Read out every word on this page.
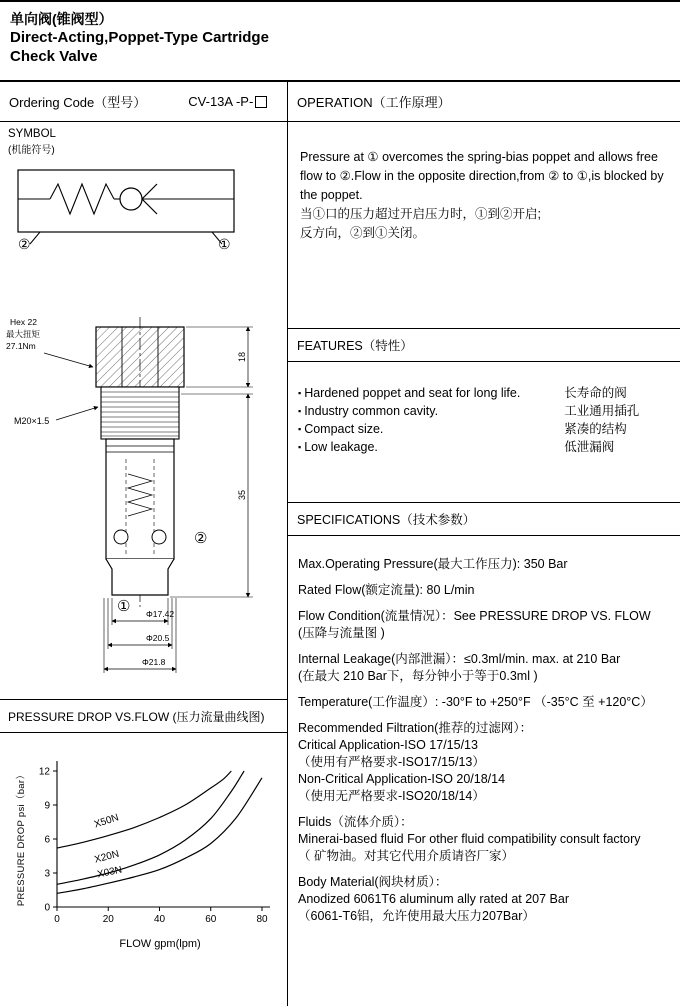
单向阀(锥阀型）
Direct-Acting,Poppet-Type Cartridge
Check Valve
Ordering Code（型号）	CV-13A -P-
SYMBOL
(机能符号)
②	①
②
①
Hex 22
最大扭矩
27.1Nm
M20×1.5
18
35
Φ17.42
Φ20.5
Φ21.8
PRESSURE DROP VS.FLOW (压力流量曲线图)
PRESSURE DROP psi（bar）
0
3
6
9
12
0	20	40	60	80
X50N
X20N
X03N
FLOW gpm(lpm)
OPERATION（工作原理）
Pressure at ① overcomes the spring-bias poppet and allows free flow to ②.Flow in the opposite direction,from ② to ①,is blocked by the poppet.
当①口的压力超过开启压力时，①到②开启;
反方向，②到①关闭。
FEATURES（特性）
▪ Hardened poppet and seat for long life.	长寿命的阀
▪ Industry common cavity.	工业通用插孔
▪ Compact size.	紧凑的结构
▪ Low leakage.	低泄漏阀
SPECIFICATIONS（技术参数）
Max.Operating Pressure(最大工作压力): 350 Bar
Rated Flow(额定流量): 80 L/min
Flow Condition(流量情况）：See PRESSURE DROP VS. FLOW
(压降与流量图 )
Internal Leakage(内部泄漏）：≤0.3ml/min. max. at 210 Bar
(在最大 210 Bar下，每分钟小于等于0.3ml )
Temperature(工作温度）: -30°F to +250°F （-35°C 至 +120°C）
Recommended Filtration(推荐的过滤网）：
Critical Application-ISO 17/15/13
（使用有严格要求-ISO17/15/13）
Non-Critical Application-ISO 20/18/14
（使用无严格要求-ISO20/18/14）
Fluids（流体介质）：
Minerai-based fluid For other fluid compatibility consult factory
（ 矿物油。对其它代用介质请咨厂家）
Body Material(阀块材质）：
Anodized 6061T6 aluminum ally rated at 207 Bar
（6061-T6铝，允许使用最大压力207Bar）
